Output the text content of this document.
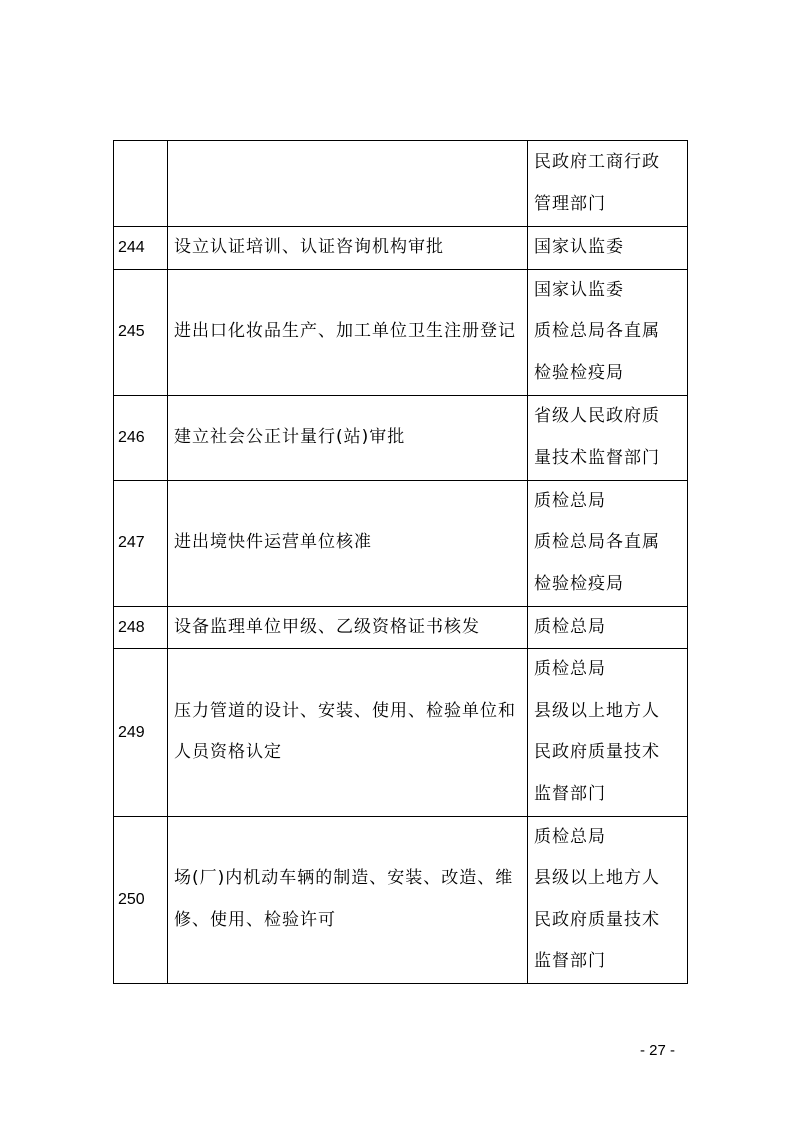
		民政府工商行政
管理部门

244	设立认证培训、认证咨询机构审批	国家认监委

245	进出口化妆品生产、加工单位卫生注册登记	国家认监委
质检总局各直属
检验检疫局

246	建立社会公正计量行(站)审批	省级人民政府质
量技术监督部门

247	进出境快件运营单位核准	质检总局
质检总局各直属
检验检疫局

248	设备监理单位甲级、乙级资格证书核发	质检总局

249	压力管道的设计、安装、使用、检验单位和人员资格认定	质检总局
县级以上地方人
民政府质量技术
监督部门

250	场(厂)内机动车辆的制造、安装、改造、维修、使用、检验许可	质检总局
县级以上地方人
民政府质量技术
监督部门
- 27 -
